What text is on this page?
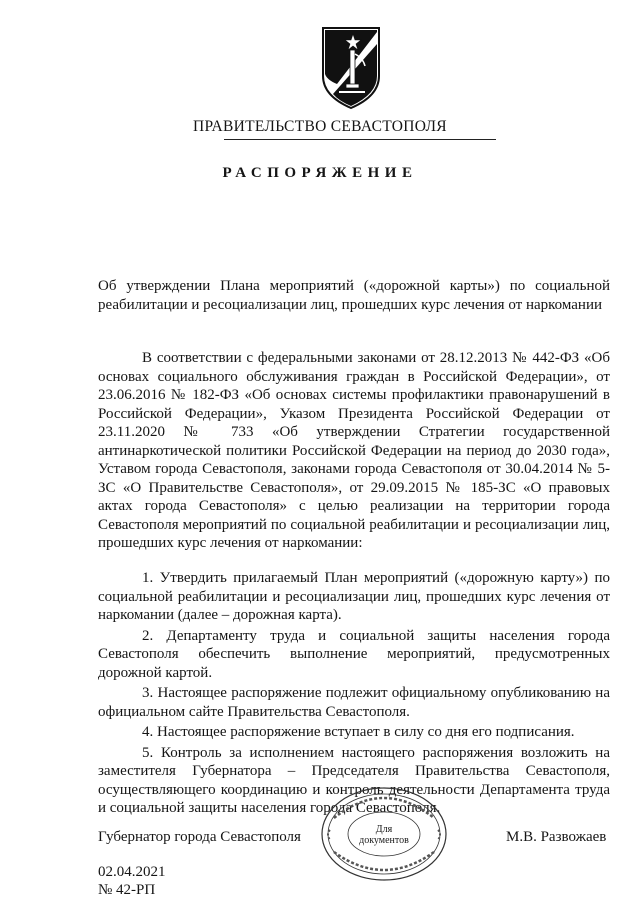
ПРАВИТЕЛЬСТВО СЕВАСТОПОЛЯ
РАСПОРЯЖЕНИЕ
Об утверждении Плана мероприятий («дорожной карты») по социальной реабилитации и ресоциализации лиц, прошедших курс лечения от наркомании

В соответствии с федеральными законами от 28.12.2013 № 442-ФЗ «Об основах социального обслуживания граждан в Российской Федерации», от 23.06.2016 № 182-ФЗ «Об основах системы профилактики правонарушений в Российской Федерации», Указом Президента Российской Федерации от 23.11.2020 № 733 «Об утверждении Стратегии государственной антинаркотической политики Российской Федерации на период до 2030 года», Уставом города Севастополя, законами города Севастополя от 30.04.2014 № 5-ЗС «О Правительстве Севастополя», от 29.09.2015 № 185-ЗС «О правовых актах города Севастополя» с целью реализации на территории города Севастополя мероприятий по социальной реабилитации и ресоциализации лиц, прошедших курс лечения от наркомании:

1. Утвердить прилагаемый План мероприятий («дорожную карту») по социальной реабилитации и ресоциализации лиц, прошедших курс лечения от наркомании (далее – дорожная карта).

2. Департаменту труда и социальной защиты населения города Севастополя обеспечить выполнение мероприятий, предусмотренных дорожной картой.

3. Настоящее распоряжение подлежит официальному опубликованию на официальном сайте Правительства Севастополя.

4. Настоящее распоряжение вступает в силу со дня его подписания.

5. Контроль за исполнением настоящего распоряжения возложить на заместителя Губернатора – Председателя Правительства Севастополя, осуществляющего координацию и контроль деятельности Департамента труда и социальной защиты населения города Севастополя.

Для
документов
Губернатор города Севастополя	М.В. Развожаев
02.04.2021
№ 42-РП
